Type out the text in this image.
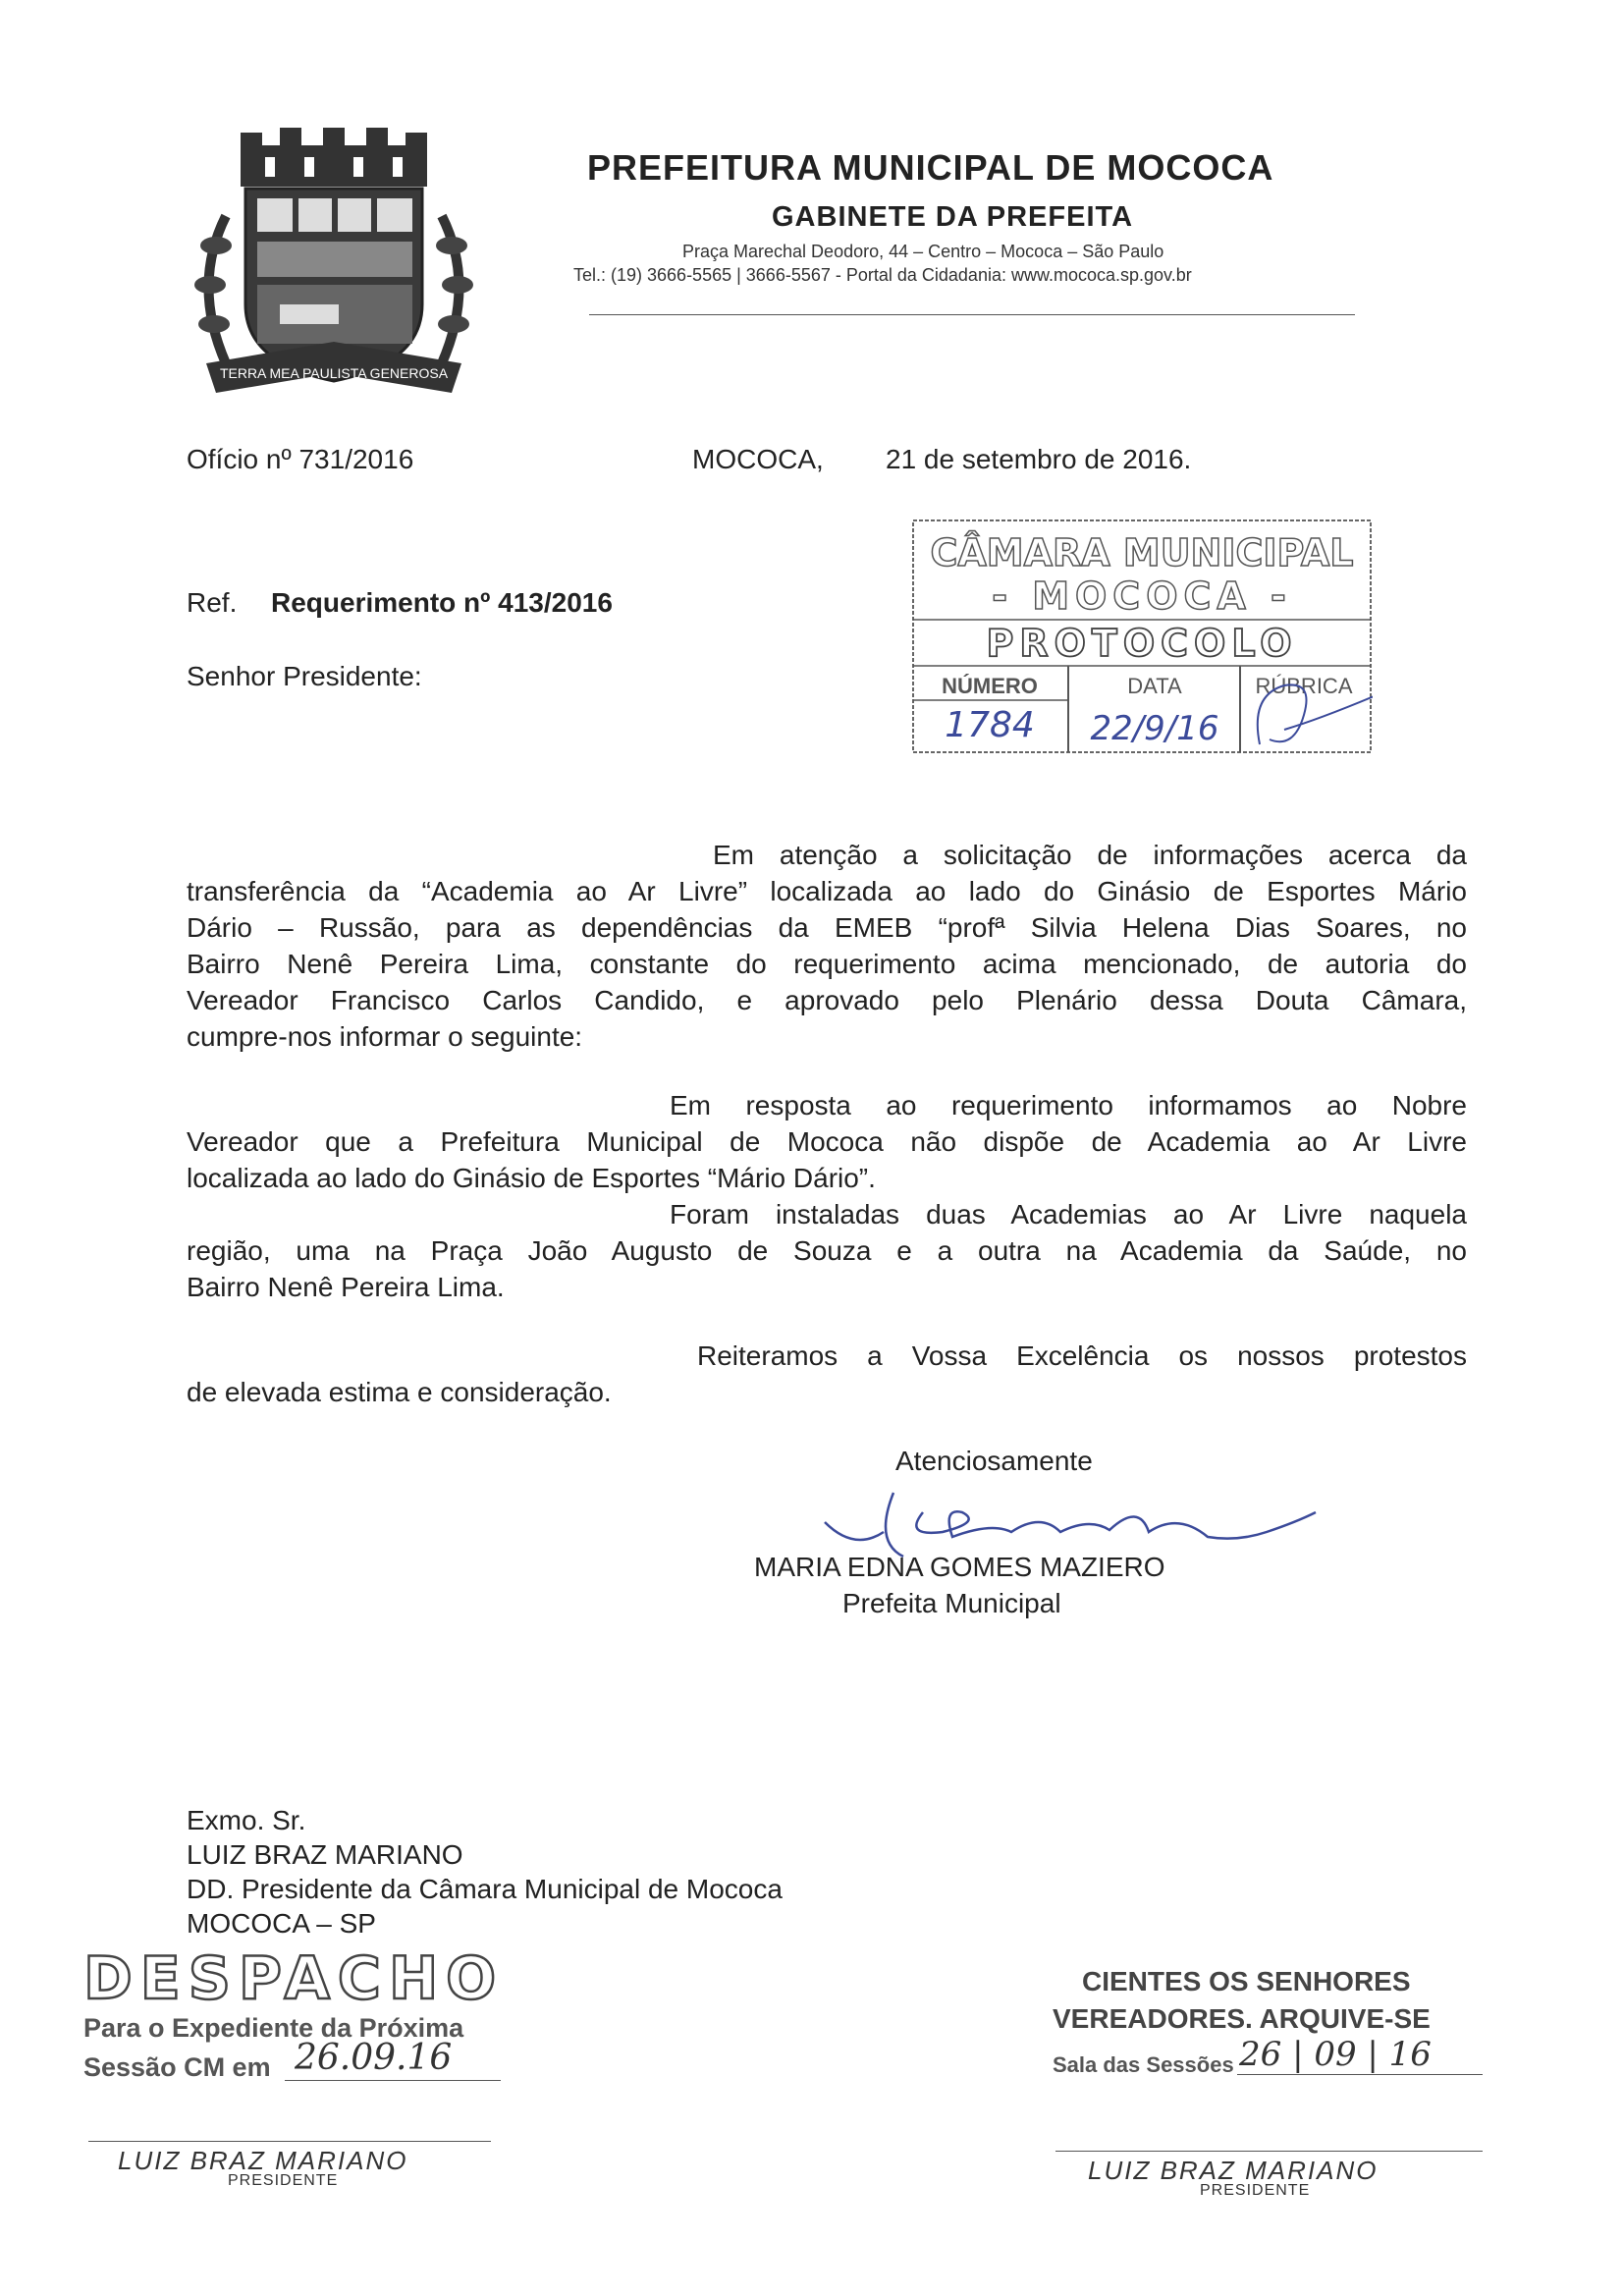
TERRA MEA PAULISTA GENEROSA
PREFEITURA MUNICIPAL DE MOCOCA
GABINETE DA PREFEITA
Praça Marechal Deodoro, 44 – Centro – Mococa – São Paulo
Tel.: (19) 3666-5565 | 3666-5567 - Portal da Cidadania: www.mococa.sp.gov.br
Ofício nº 731/2016	MOCOCA, 21 de setembro de 2016.
Ref. Requerimento nº 413/2016
Senhor Presidente:
CÂMARA MUNICIPAL
- MOCOCA -
PROTOCOLO
NÚMERO	DATA	RÚBRICA
1784 22/9/16
Em atenção a solicitação de informações acerca da
transferência da “Academia ao Ar Livre” localizada ao lado do Ginásio de Esportes Mário
Dário – Russão, para as dependências da EMEB “profª Silvia Helena Dias Soares, no
Bairro Nenê Pereira Lima, constante do requerimento acima mencionado, de autoria do
Vereador Francisco Carlos Candido, e aprovado pelo Plenário dessa Douta Câmara,
cumpre-nos informar o seguinte:
Em resposta ao requerimento informamos ao Nobre
Vereador que a Prefeitura Municipal de Mococa não dispõe de Academia ao Ar Livre
localizada ao lado do Ginásio de Esportes “Mário Dário”.
Foram instaladas duas Academias ao Ar Livre naquela
região, uma na Praça João Augusto de Souza e a outra na Academia da Saúde, no
Bairro Nenê Pereira Lima.
Reiteramos a Vossa Excelência os nossos protestos
de elevada estima e consideração.
Atenciosamente
MARIA EDNA GOMES MAZIERO
Prefeita Municipal
Exmo. Sr.
LUIZ BRAZ MARIANO
DD. Presidente da Câmara Municipal de Mococa
MOCOCA – SP
DESPACHO
Para o Expediente da Próxima
Sessão CM em 26.09.16
LUIZ BRAZ MARIANO
PRESIDENTE
CIENTES OS SENHORES
VEREADORES. ARQUIVE-SE
Sala das Sessões 26 | 09 | 16
LUIZ BRAZ MARIANO
PRESIDENTE
